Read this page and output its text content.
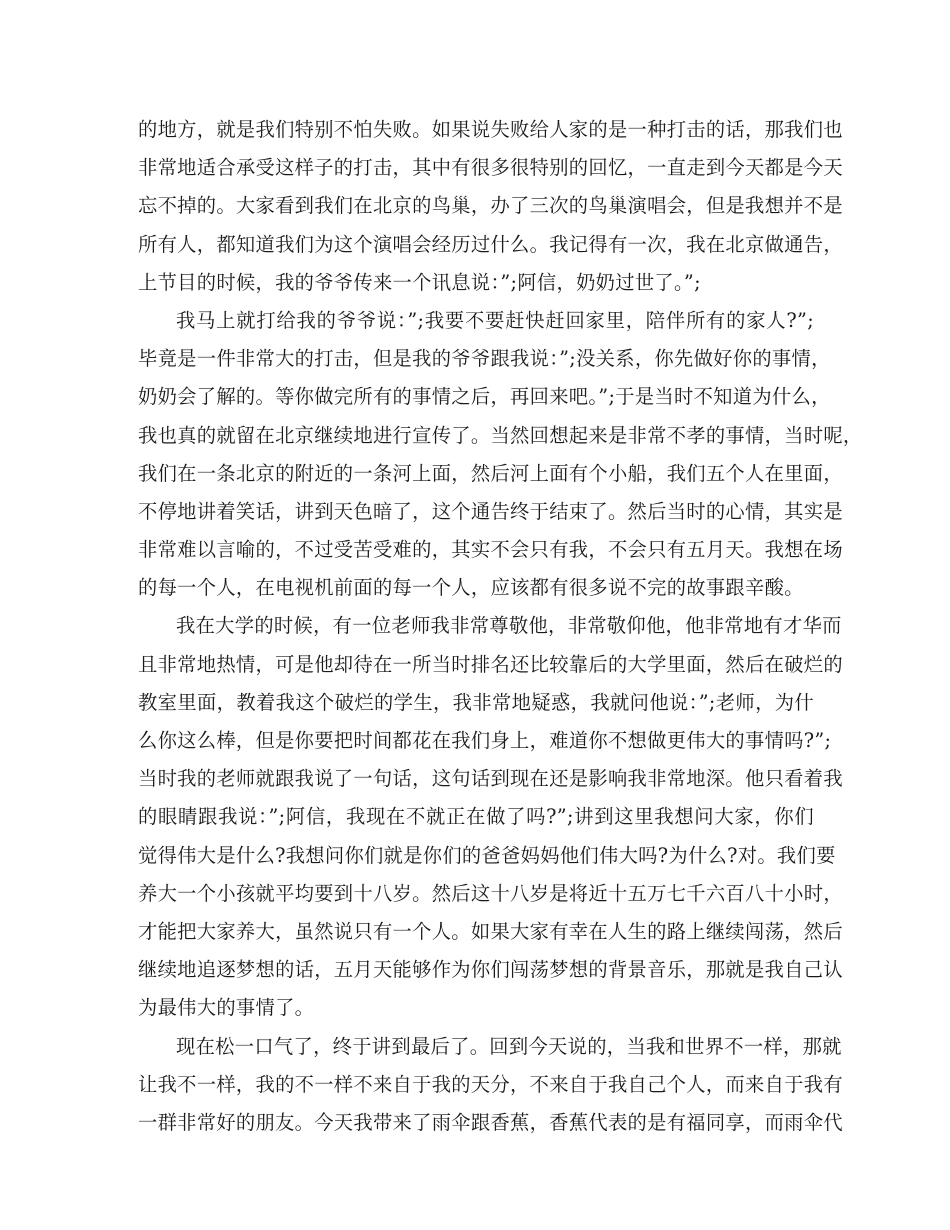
的地方，就是我们特别不怕失败。如果说失败给人家的是一种打击的话，那我们也
非常地适合承受这样子的打击，其中有很多很特别的回忆，一直走到今天都是今天
忘不掉的。大家看到我们在北京的鸟巢，办了三次的鸟巢演唱会，但是我想并不是
所有人，都知道我们为这个演唱会经历过什么。我记得有一次，我在北京做通告，
上节目的时候，我的爷爷传来一个讯息说：”;阿信，奶奶过世了。”;
我马上就打给我的爷爷说：”;我要不要赶快赶回家里，陪伴所有的家人?”;
毕竟是一件非常大的打击，但是我的爷爷跟我说：”;没关系，你先做好你的事情，
奶奶会了解的。等你做完所有的事情之后，再回来吧。”;于是当时不知道为什么，
我也真的就留在北京继续地进行宣传了。当然回想起来是非常不孝的事情，当时呢，
我们在一条北京的附近的一条河上面，然后河上面有个小船，我们五个人在里面，
不停地讲着笑话，讲到天色暗了，这个通告终于结束了。然后当时的心情，其实是
非常难以言喻的，不过受苦受难的，其实不会只有我，不会只有五月天。我想在场
的每一个人，在电视机前面的每一个人，应该都有很多说不完的故事跟辛酸。
我在大学的时候，有一位老师我非常尊敬他，非常敬仰他，他非常地有才华而
且非常地热情，可是他却待在一所当时排名还比较靠后的大学里面，然后在破烂的
教室里面，教着我这个破烂的学生，我非常地疑惑，我就问他说：”;老师，为什
么你这么棒，但是你要把时间都花在我们身上，难道你不想做更伟大的事情吗?”;
当时我的老师就跟我说了一句话，这句话到现在还是影响我非常地深。他只看着我
的眼睛跟我说：”;阿信，我现在不就正在做了吗?”;讲到这里我想问大家，你们
觉得伟大是什么?我想问你们就是你们的爸爸妈妈他们伟大吗?为什么?对。我们要
养大一个小孩就平均要到十八岁。然后这十八岁是将近十五万七千六百八十小时，
才能把大家养大，虽然说只有一个人。如果大家有幸在人生的路上继续闯荡，然后
继续地追逐梦想的话，五月天能够作为你们闯荡梦想的背景音乐，那就是我自己认
为最伟大的事情了。
现在松一口气了，终于讲到最后了。回到今天说的，当我和世界不一样，那就
让我不一样，我的不一样不来自于我的天分，不来自于我自己个人，而来自于我有
一群非常好的朋友。今天我带来了雨伞跟香蕉，香蕉代表的是有福同享，而雨伞代
